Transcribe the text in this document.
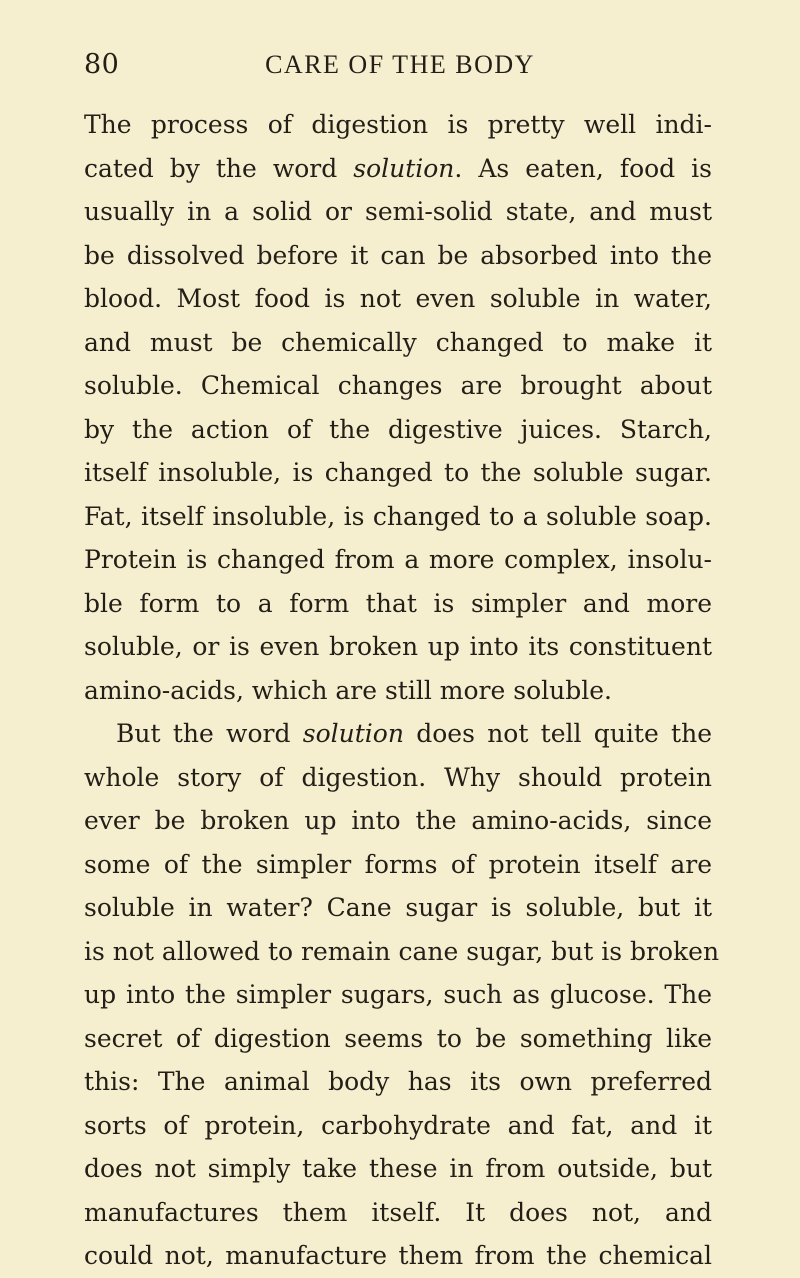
80	CARE OF THE BODY
The process of digestion is pretty well indi-
cated by the word solution. As eaten, food is
usually in a solid or semi-solid state, and must
be dissolved before it can be absorbed into the
blood. Most food is not even soluble in water,
and must be chemically changed to make it
soluble. Chemical changes are brought about
by the action of the digestive juices. Starch,
itself insoluble, is changed to the soluble sugar.
Fat, itself insoluble, is changed to a soluble soap.
Protein is changed from a more complex, insolu-
ble form to a form that is simpler and more
soluble, or is even broken up into its constituent
amino-acids, which are still more soluble.
But the word solution does not tell quite the
whole story of digestion. Why should protein
ever be broken up into the amino-acids, since
some of the simpler forms of protein itself are
soluble in water? Cane sugar is soluble, but it
is not allowed to remain cane sugar, but is broken
up into the simpler sugars, such as glucose. The
secret of digestion seems to be something like
this: The animal body has its own preferred
sorts of protein, carbohydrate and fat, and it
does not simply take these in from outside, but
manufactures them itself. It does not, and
could not, manufacture them from the chemical
